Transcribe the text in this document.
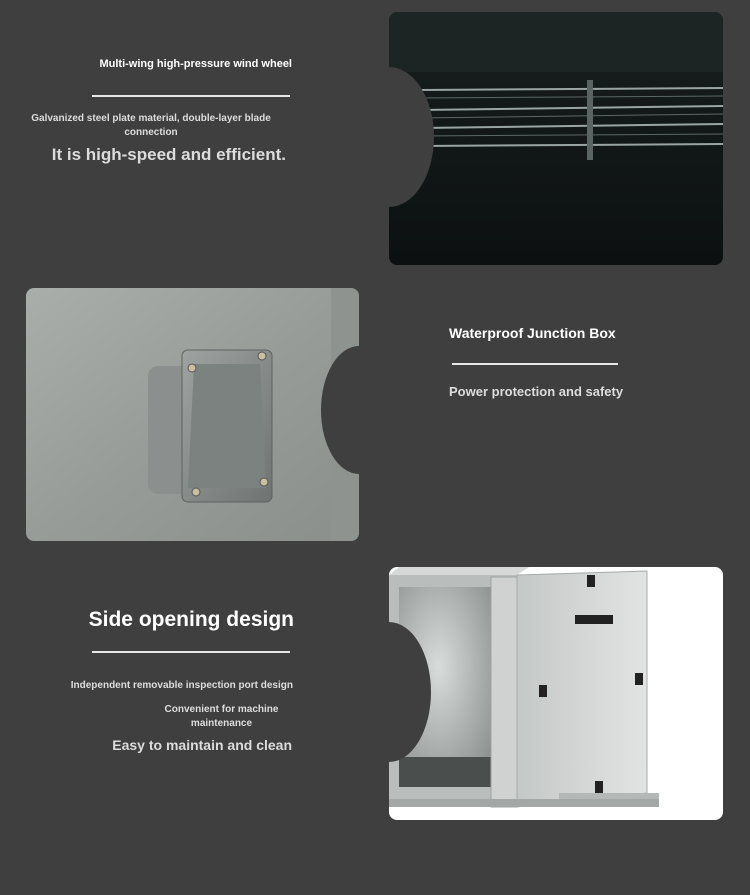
Multi-wing high-pressure wind wheel
Galvanized steel plate material, double-layer blade connection
It is high-speed and efficient.
Waterproof Junction Box
Power protection and safety
Side opening design
Independent removable inspection port design
Convenient for machine maintenance
Easy to maintain and clean
